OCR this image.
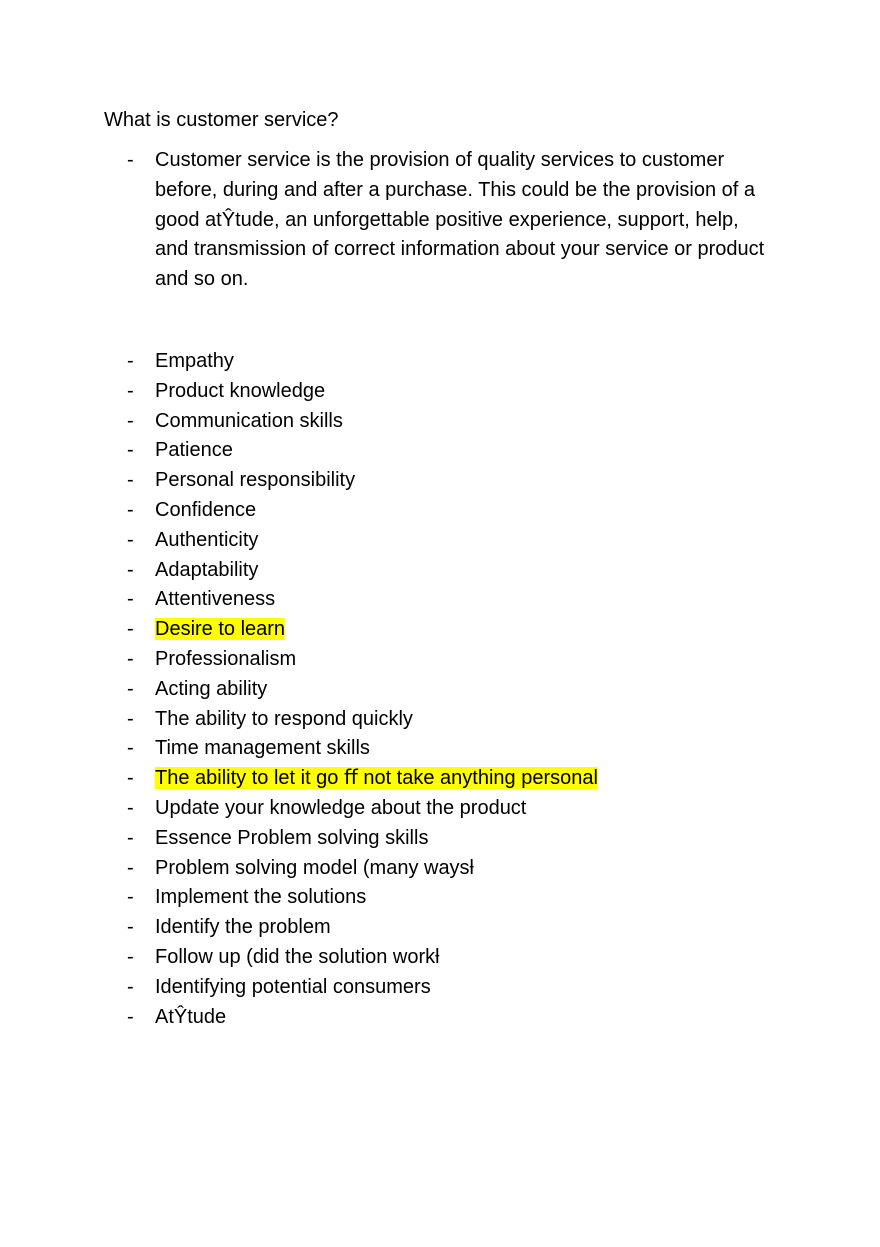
What is customer service?
-	Customer service is the provision of quality services to customer before, during and after a purchase. This could be the provision of a good atŶtude, an unforgettable positive experience, support, help, and transmission of correct information about your service or product and so on.
-	Empathy
-	Product knowledge
-	Communication skills
-	Patience
-	Personal responsibility
-	Confidence
-	Authenticity
-	Adaptability
-	Attentiveness
-	Desire to learn
-	Professionalism
-	Acting ability
-	The ability to respond quickly
-	Time management skills
-	The ability to let it go ﬀ not take anything personal
-	Update your knowledge about the product
-	Essence Problem solving skills
-	Problem solving model (many waysƚ
-	Implement the solutions
-	Identify the problem
-	Follow up (did the solution workƚ
-	Identifying potential consumers
-	AtŶtude
